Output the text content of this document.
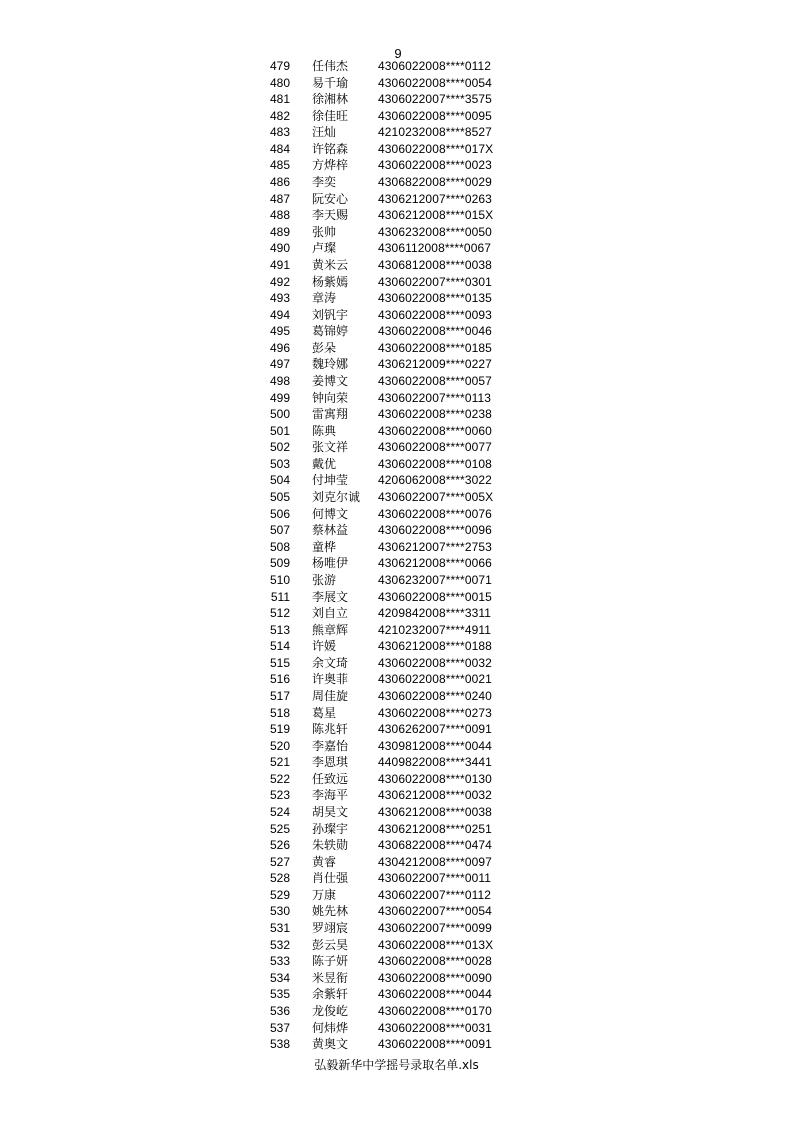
9
479 任伟杰 4306022008****0112
480 易千瑜 4306022008****0054
481 徐湘林 4306022007****3575
482 徐佳旺 4306022008****0095
483 汪灿	4210232008****8527
484 许铭森 4306022008****017X
485 方烨梓 4306022008****0023
486 李奕	4306822008****0029
487 阮安心 4306212007****0263
488 李天赐 4306212008****015X
489 张帅	4306232008****0050
490 卢璨	4306112008****0067
491 黄米云 4306812008****0038
492 杨紫嫣 4306022007****0301
493 章涛	4306022008****0135
494 刘钒宇 4306022008****0093
495 葛锦婷 4306022008****0046
496 彭朵	4306022008****0185
497 魏玲娜 4306212009****0227
498 姜博文 4306022008****0057
499 钟向荣 4306022007****0113
500 雷寓翔 4306022008****0238
501 陈典	4306022008****0060
502 张文祥 4306022008****0077
503 戴优	4306022008****0108
504 付坤莹 4206062008****3022
505 刘克尔诚 4306022007****005X
506 何博文 4306022008****0076
507 蔡林益 4306022008****0096
508 童桦	4306212007****2753
509 杨唯伊 4306212008****0066
510 张游	4306232007****0071
511 李展文 4306022008****0015
512 刘自立 4209842008****3311
513 熊章辉 4210232007****4911
514 许媛	4306212008****0188
515 余文琦 4306022008****0032
516 许奥菲 4306022008****0021
517 周佳旋 4306022008****0240
518 葛星	4306022008****0273
519 陈兆轩 4306262007****0091
520 李嘉怡 4309812008****0044
521 李恩琪 4409822008****3441
522 任致远 4306022008****0130
523 李海平 4306212008****0032
524 胡昊文 4306212008****0038
525 孙璨宇 4306212008****0251
526 朱轶勋 4306822008****0474
527 黄睿	4304212008****0097
528 肖仕强 4306022007****0011
529 万康	4306022007****0112
530 姚先林 4306022007****0054
531 罗翊宸 4306022007****0099
532 彭云昊 4306022008****013X
533 陈子妍 4306022008****0028
534 米昱衔 4306022008****0090
535 余紫轩 4306022008****0044
536 龙俊屹 4306022008****0170
537 何炜烨 4306022008****0031
538 黄奥文 4306022008****0091
弘毅新华中学摇号录取名单.xls
